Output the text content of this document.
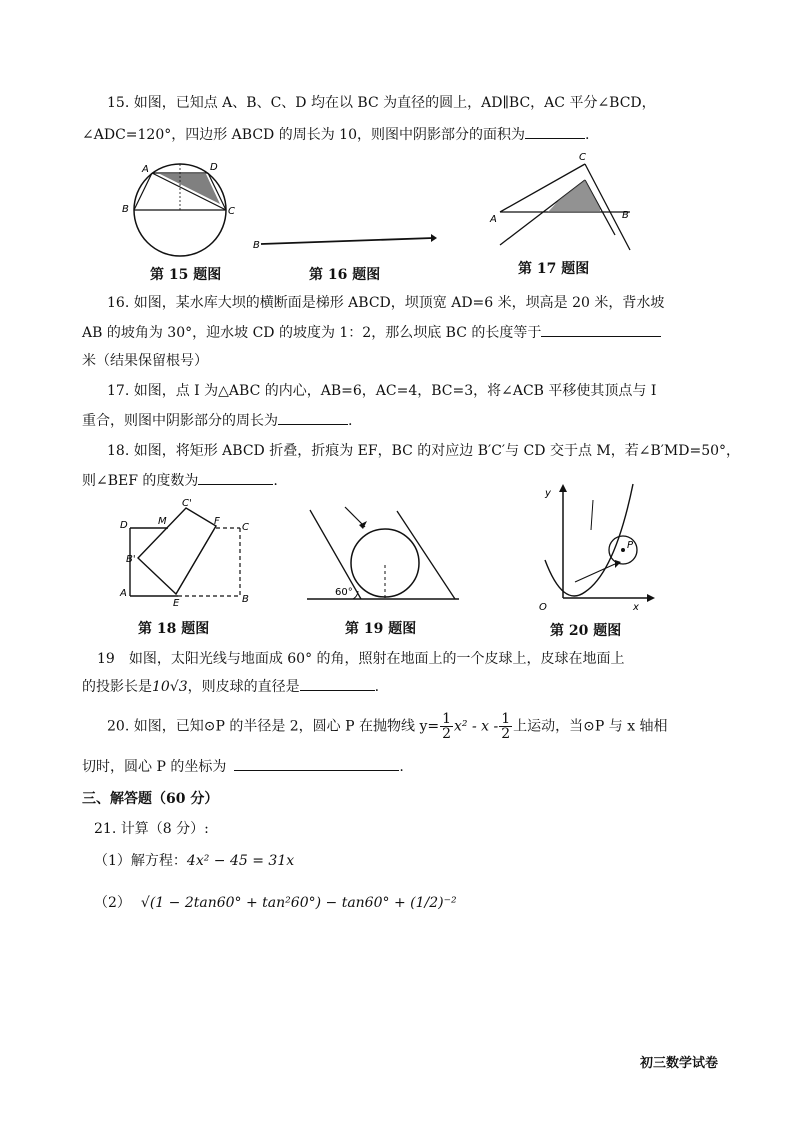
15. 如图，已知点 A、B、C、D 均在以 BC 为直径的圆上，AD∥BC，AC 平分∠BCD，
∠ADC=120°，四边形 ABCD 的周长为 10，则图中阴影部分的面积为	.
A	D
B	C
B
A	B
C
第 15 题图	第 16 题图	第 17 题图
16. 如图，某水库大坝的横断面是梯形 ABCD，坝顶宽 AD=6 米，坝高是 20 米，背水坡
AB 的坡角为 30°，迎水坡 CD 的坡度为 1：2，那么坝底 BC 的长度等于
米（结果保留根号）
17. 如图，点 I 为△ABC 的内心，AB=6，AC=4，BC=3，将∠ACB 平移使其顶点与 I
重合，则图中阴影部分的周长为	.
18. 如图，将矩形 ABCD 折叠，折痕为 EF，BC 的对应边 B′C′与 CD 交于点 M，若∠B′MD=50°，
则∠BEF 的度数为	.
D	M
C'
F
C
B'
A
E	B
60°
y
x
O
P
第 18 题图	第 19 题图	第 20 题图
19　如图，太阳光线与地面成 60° 的角，照射在地面上的一个皮球上，皮球在地面上
的投影长是10√3，则皮球的直径是	.
20. 如图，已知⊙P 的半径是 2，圆心 P 在抛物线 $y= \frac{1}{2} x^2 - x - \frac{1}{2}$ 上运动，当⊙P 与 x 轴相
切时，圆心 P 的坐标为	.
三、解答题（60 分）
21. 计算（8 分）:
（1）解方程：4x² − 45 = 31x
（2） √(1 − 2tan60° + tan²60°) − tan60° + (1/2)⁻²
初三数学试卷
